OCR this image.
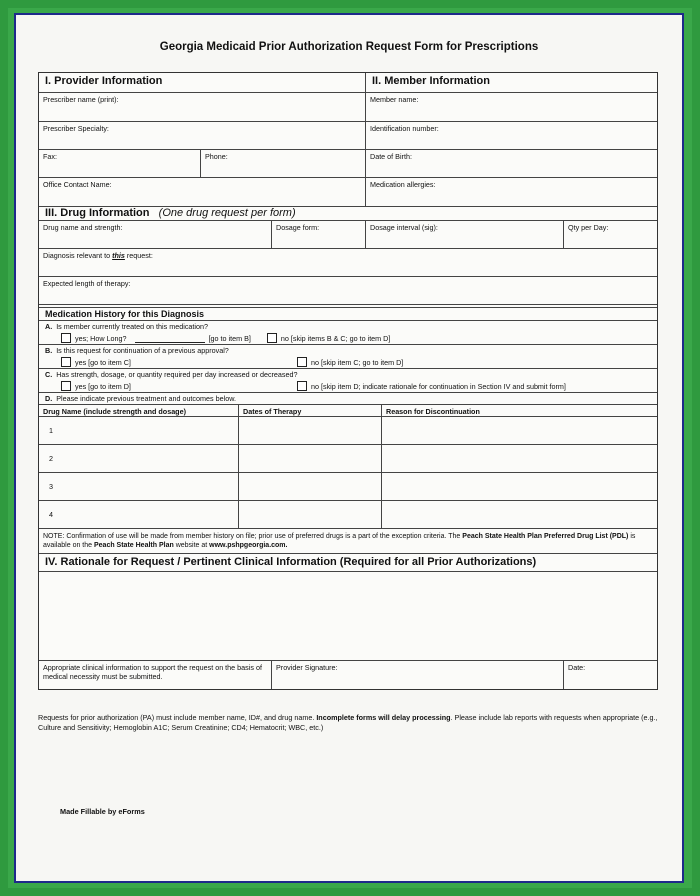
Georgia Medicaid Prior Authorization Request Form for Prescriptions
I. Provider Information	II. Member Information
Prescriber name (print):	Member name:
Prescriber Specialty:	Identification number:
Fax:	Phone:	Date of Birth:
Office Contact Name:	Medication allergies:
III. Drug Information (One drug request per form)
Drug name and strength:	Dosage form:	Dosage interval (sig):	Qty per Day:
Diagnosis relevant to this request:
Expected length of therapy:
Medication History for this Diagnosis
A. Is member currently treated on this medication?
yes; How Long?	[go to item B]	no [skip items B & C; go to item D]
B. Is this request for continuation of a previous approval?
yes [go to item C]	no [skip item C; go to item D]
C. Has strength, dosage, or quantity required per day increased or decreased?
yes [go to item D]	no [skip item D; indicate rationale for continuation in Section IV and submit form]
D. Please indicate previous treatment and outcomes below.
Drug Name (include strength and dosage)	Dates of Therapy	Reason for Discontinuation
1
2
3
4
NOTE: Confirmation of use will be made from member history on file; prior use of preferred drugs is a part of the exception criteria. The Peach State Health Plan Preferred Drug List (PDL) is available on the Peach State Health Plan website at www.pshpgeorgia.com.
IV. Rationale for Request / Pertinent Clinical Information (Required for all Prior Authorizations)
Appropriate clinical information to support the request on the basis of medical necessity must be submitted.
Provider Signature:	Date:
Requests for prior authorization (PA) must include member name, ID#, and drug name. Incomplete forms will delay processing. Please include lab reports with requests when appropriate (e.g., Culture and Sensitivity; Hemoglobin A1C; Serum Creatinine; CD4; Hematocrit; WBC, etc.)
Made Fillable by eForms
